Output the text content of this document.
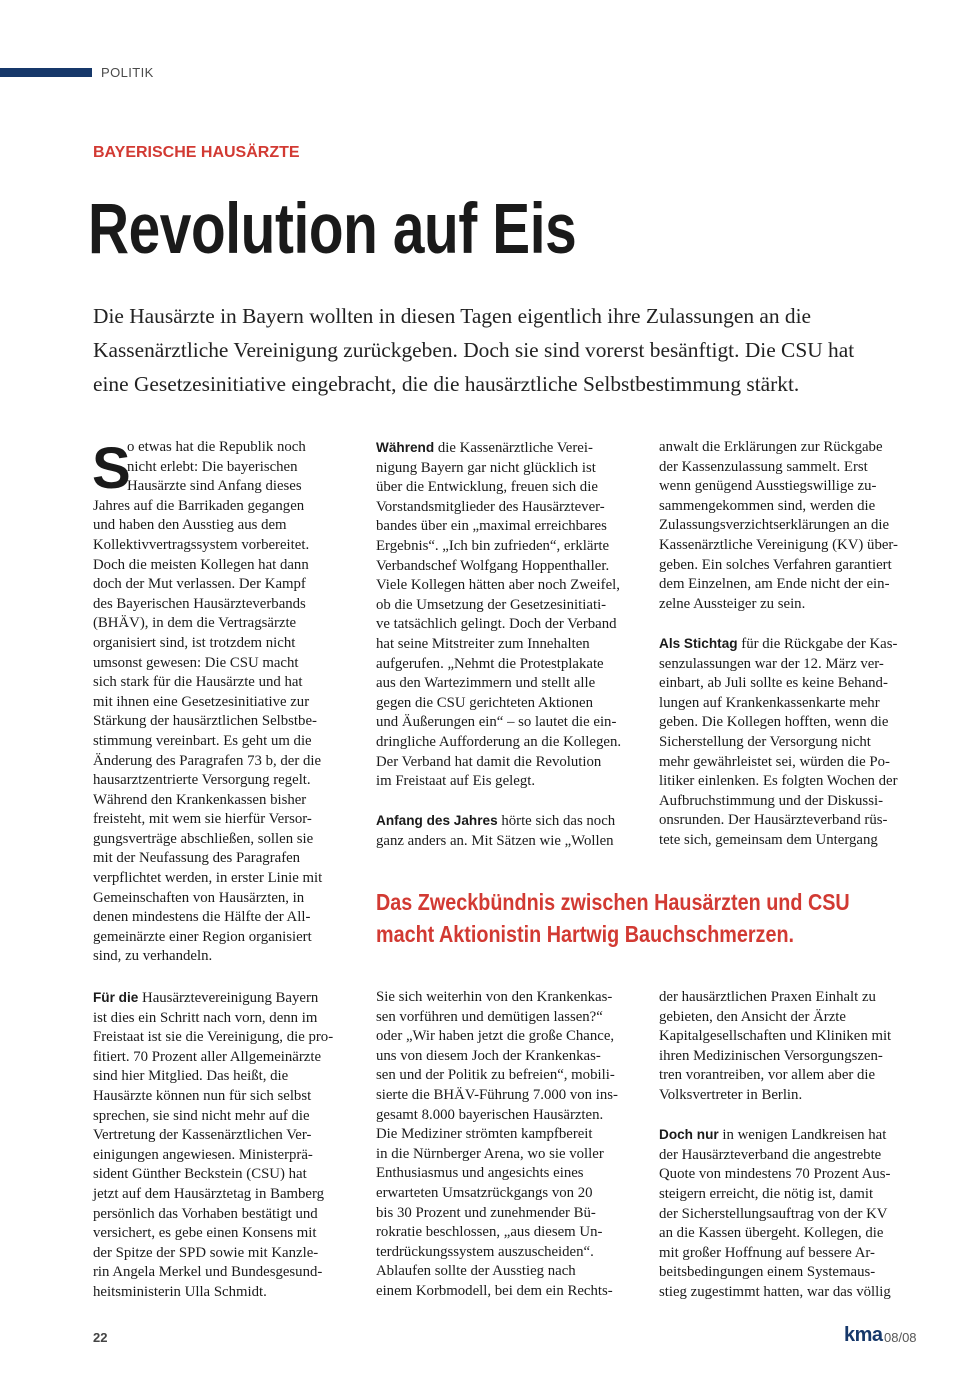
POLITIK
BAYERISCHE HAUSÄRZTE
Revolution auf Eis
Die Hausärzte in Bayern wollten in diesen Tagen eigentlich ihre Zulassungen an die
Kassenärztliche Vereinigung zurückgeben. Doch sie sind vorerst besänftigt. Die CSU hat
eine Gesetzesinitiative eingebracht, die die hausärztliche Selbstbestimmung stärkt.
S
o etwas hat die Republik noch
nicht erlebt: Die bayerischen
Hausärzte sind Anfang dieses
Jahres auf die Barrikaden gegangen
und haben den Ausstieg aus dem
Kollektivvertragssystem vorbereitet.
Doch die meisten Kollegen hat dann
doch der Mut verlassen. Der Kampf
des Bayerischen Hausärzteverbands
(BHÄV), in dem die Vertragsärzte
organisiert sind, ist trotzdem nicht
umsonst gewesen: Die CSU macht
sich stark für die Hausärzte und hat
mit ihnen eine Gesetzesinitiative zur
Stärkung der hausärztlichen Selbstbe-
stimmung vereinbart. Es geht um die
Änderung des Paragrafen 73 b, der die
hausarztzentrierte Versorgung regelt.
Während den Krankenkassen bisher
freisteht, mit wem sie hierfür Versor-
gungsverträge abschließen, sollen sie
mit der Neufassung des Paragrafen
verpflichtet werden, in erster Linie mit
Gemeinschaften von Hausärzten, in
denen mindestens die Hälfte der All-
gemeinärzte einer Region organisiert
sind, zu verhandeln.
Für die Hausärztevereinigung Bayern
ist dies ein Schritt nach vorn, denn im
Freistaat ist sie die Vereinigung, die pro-
fitiert. 70 Prozent aller Allgemeinärzte
sind hier Mitglied. Das heißt, die
Hausärzte können nun für sich selbst
sprechen, sie sind nicht mehr auf die
Vertretung der Kassenärztlichen Ver-
einigungen angewiesen. Ministerprä-
sident Günther Beckstein (CSU) hat
jetzt auf dem Hausärztetag in Bamberg
persönlich das Vorhaben bestätigt und
versichert, es gebe einen Konsens mit
der Spitze der SPD sowie mit Kanzle-
rin Angela Merkel und Bundesgesund-
heitsministerin Ulla Schmidt.
Während die Kassenärztliche Verei-
nigung Bayern gar nicht glücklich ist
über die Entwicklung, freuen sich die
Vorstandsmitglieder des Hausärztever-
bandes über ein „maximal erreichbares
Ergebnis“. „Ich bin zufrieden“, erklärte
Verbandschef Wolfgang Hoppenthaller.
Viele Kollegen hätten aber noch Zweifel,
ob die Umsetzung der Gesetzesinitiati-
ve tatsächlich gelingt. Doch der Verband
hat seine Mitstreiter zum Innehalten
aufgerufen. „Nehmt die Protestplakate
aus den Wartezimmern und stellt alle
gegen die CSU gerichteten Aktionen
und Äußerungen ein“ – so lautet die ein-
dringliche Aufforderung an die Kollegen.
Der Verband hat damit die Revolution
im Freistaat auf Eis gelegt.
Anfang des Jahres hörte sich das noch
ganz anders an. Mit Sätzen wie „Wollen
Sie sich weiterhin von den Krankenkas-
sen vorführen und demütigen lassen?“
oder „Wir haben jetzt die große Chance,
uns von diesem Joch der Krankenkas-
sen und der Politik zu befreien“, mobili-
sierte die BHÄV-Führung 7.000 von ins-
gesamt 8.000 bayerischen Hausärzten.
Die Mediziner strömten kampfbereit
in die Nürnberger Arena, wo sie voller
Enthusiasmus und angesichts eines
erwarteten Umsatzrückgangs von 20
bis 30 Prozent und zunehmender Bü-
rokratie beschlossen, „aus diesem Un-
terdrückungssystem auszuscheiden“.
Ablaufen sollte der Ausstieg nach
einem Korbmodell, bei dem ein Rechts-
anwalt die Erklärungen zur Rückgabe
der Kassenzulassung sammelt. Erst
wenn genügend Ausstiegswillige zu-
sammengekommen sind, werden die
Zulassungsverzichtserklärungen an die
Kassenärztliche Vereinigung (KV) über-
geben. Ein solches Verfahren garantiert
dem Einzelnen, am Ende nicht der ein-
zelne Aussteiger zu sein.
Als Stichtag für die Rückgabe der Kas-
senzulassungen war der 12. März ver-
einbart, ab Juli sollte es keine Behand-
lungen auf Krankenkassenkarte mehr
geben. Die Kollegen hofften, wenn die
Sicherstellung der Versorgung nicht
mehr gewährleistet sei, würden die Po-
litiker einlenken. Es folgten Wochen der
Aufbruchstimmung und der Diskussi-
onsrunden. Der Hausärzteverband rüs-
tete sich, gemeinsam dem Untergang
der hausärztlichen Praxen Einhalt zu
gebieten, den Ansicht der Ärzte
Kapitalgesellschaften und Kliniken mit
ihren Medizinischen Versorgungszen-
tren vorantreiben, vor allem aber die
Volksvertreter in Berlin.
Doch nur in wenigen Landkreisen hat
der Hausärzteverband die angestrebte
Quote von mindestens 70 Prozent Aus-
steigern erreicht, die nötig ist, damit
der Sicherstellungsauftrag von der KV
an die Kassen übergeht. Kollegen, die
mit großer Hoffnung auf bessere Ar-
beitsbedingungen einem Systemaus-
stieg zugestimmt hatten, war das völlig
Das Zweckbündnis zwischen Hausärzten und CSU
macht Aktionistin Hartwig Bauchschmerzen.
22	kma 08/08
